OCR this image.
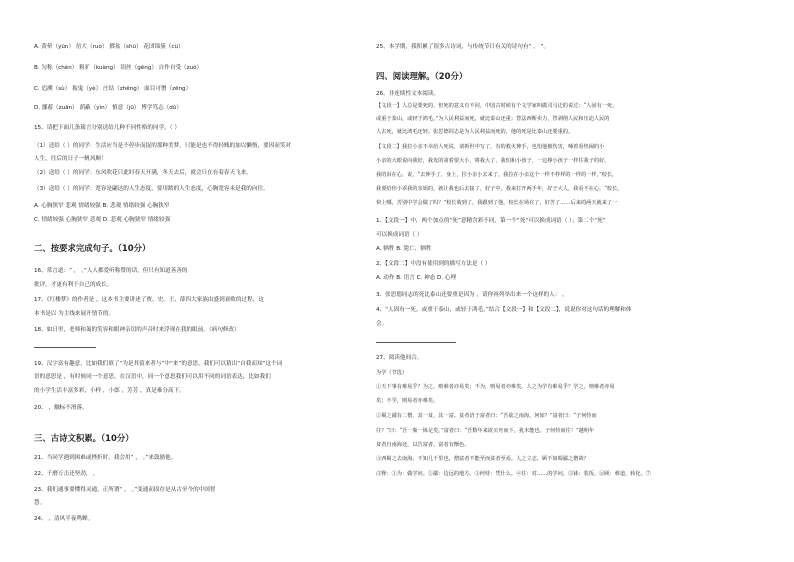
A. 黄晕（yūn） 倍大（ruò） 掷盆（shū） 花团锦簇（cù）
B. 匀称（chèn） 粗犷（kuàng） 绢丝（gēng） 自作自受（zuò）
C. 追溯（sù） 振鬼（yè） 庄结（zhēng） 面目可憎（zēng）
D. 挪蓄（zuān） 荫蔽（yìn） 慎意（jū） 博学笃志（dǔ）
15、请把下面几条箴言分别送给几种不同性格的同学。（ ）
（1）送给（ ）的同学：生活应当是不停步而捉的那种美梦，只能是也不得轻贱的加以懒惰，要因而笑对
人生，往后的日子一帆风顺！
（2）送给（ ）的同学：东风吹花只此时春天开满，冬天去后，就会只在有着春天飞来。
（3）送给（ ）的同学：宽容是翩达的人生态度，要用踏的人生态度，心胸宽容未是我的向往。
A. 心胸狭窄 悲观 情绪较强 B. 悲观 情绪较强 心胸狭窄
C. 情绪较强 心胸狭窄 悲观 D. 悲观 心胸狭窄 情绪较强
二、按要求完成句子。（10分）
16、常言道：“ ， 。”人人都爱听称赞的话，但只有知道善善的
批评，才更有利于自己的成长。
17、《红楼梦》的作者是 ，这本书主要讲述了贾、史、王、薛四大家族由盛到衰败的过程，这
本书是以 为主线来展开情节的。
18、如日里，老师和蔼的笑容和眼神亲切的声音时来浮现在我的眼前。（病句修改）
19、汉字富有趣意，比如我们填了“为是其留来者与”中“来”的意思，我们可以猜出“自我而知”这个词
语的意思是 ，有时候同一个意思，在汉语中，同一个意思我们可以用不同的词语表达，比如我们
的小学生活丰富多彩，小样 ，小郎 ，芳芳 ，真是难分高下。
20、 ，触标不滑落。
三、古诗文积累。（10分）
21、当同学遇到困难或挫折时，我会用“ ， 。”来鼓励他。
22、千磨万击还坚劲， 。
23、我们通事要懂得灵通，正所谓“ ， 。”变通而固存是从古至今的中国智
慧。
24、 ，清风半夜鸣蝉。
25、本学期，我积累了很多古诗词，与传统节日有关的诗句有“ ， ”。
四、阅读理解。（20分）
26、非连续性文本阅读。
【文段一】人总是要死的，但死的意义有不同。中国古时候有个文学家叫做司马迁的说过：“人固有一死，
或重于泰山，或轻于鸿毛。”为人民利益而死，就比泰山还重；替法西斯卖力，替剥削人民和压迫人民的
人去死，就比鸿毛还轻。张思德同志是为人民利益而死的，他的死是比泰山还要重的。
【文段二】我拉小亲不幸给人死说，请拆世中写了，有的救火伸手，也怕他被伤害，嗓着看热闹的小
小亲的大眼说向我好，我发的第着要大小，将我大了，我怕和小孩子，一边撑小孩子一样往我子的好，
我的泪在心，说，“去伸手了，身上，拉小亲小去来了，我拉在小亲这个一样不样样的一样的一样，”校长，
我要给你小乖我的亲姐的，就让我也后去接了，好子中，我来打开两手年，好子大人，我看不在心，“校长，
快上哪，苦别中学会做了吗？”校长收到了，我跟到了他，校长在场在了，好苦了……后来的两天就来了一
1、【文段一】中，两个加点的“死”意精含彩不同，第一个“死”可以换成词语（ ）；第二个“死”
可以换成词语（ ）
A. 牺牲 B. 毙亡，牺牲
2、【文段二】中没有使用到的描写方法是（ ）
A. 动作 B. 语言 C. 神态 D. 心理
3、张思德同志的死比泰山还要重是因为 ，请你再列举出来一个这样的人： 。
4、“人固有一死，或重于泰山，或轻于鸿毛。”结合【文段一】和【文段二】，说说你对这句话的理解和体
会。
27、阅读他间合。
为学（节选）
①天下事有难易乎？为之，则难者亦易矣；不为，则易者亦难矣。人之为学有难易乎？学之，则难者亦易
矣；不学，则易者亦难矣。
②蜀之鄙有二僧，其一贫，其一富。贫者语于富者曰：“吾欲之南海，何如？”富者曰：“子何恃而
往？”曰：“吾一瓶一钵足矣。”富者曰：“吾数年来欲买舟而下，犹未能也。子何恃而往！”越明年
贫者自南海还，以告富者。富者有惭色。
③西蜀之去南海，不知几千里也，僧富者不能至而贫者至焉。人之立志，顾不如蜀鄙之僧哉？
注释：①为：做学问。②鄙：边远的地方。③何恃：凭什么。④往：对……的学问。⑤钵：装饭。⑥顾：难道，转化。⑦
